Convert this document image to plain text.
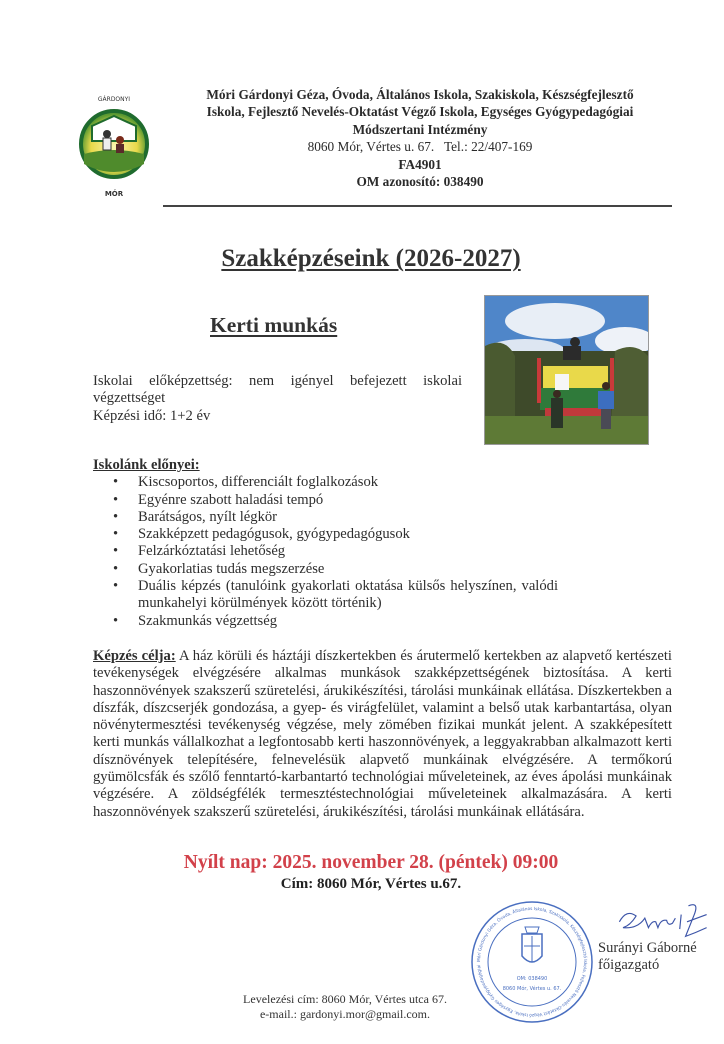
GÁRDONYI
MÓR
Móri Gárdonyi Géza, Óvoda, Általános Iskola, Szakiskola, Készségfejlesztő
Iskola, Fejlesztő Nevelés-Oktatást Végző Iskola, Egységes Gyógypedagógiai
Módszertani Intézmény
8060 Mór, Vértes u. 67.   Tel.: 22/407-169
FA4901
OM azonosító: 038490
Szakképzéseink (2026-2027)
Kerti munkás
Iskolai előképzettség: nem igényel befejezett iskolai
végzettséget
Képzési idő: 1+2 év
Iskolánk előnyei:
• Kiscsoportos, differenciált foglalkozások
• Egyénre szabott haladási tempó
• Barátságos, nyílt légkör
• Szakképzett pedagógusok, gyógypedagógusok
• Felzárkóztatási lehetőség
• Gyakorlatias tudás megszerzése
• Duális képzés (tanulóink gyakorlati oktatása külsős helyszínen, valódi munkahelyi körülmények között történik)
• Szakmunkás végzettség
Képzés célja: A ház körüli és háztáji díszkertekben és árutermelő kertekben az alapvető kertészeti tevékenységek elvégzésére alkalmas munkások szakképzettségének biztosítása. A kerti haszonnövények szakszerű szüretelési, árukikészítési, tárolási munkáinak ellátása. Díszkertekben a díszfák, díszcserjék gondozása, a gyep- és virágfelület, valamint a belső utak karbantartása, olyan növénytermesztési tevékenység végzése, mely zömében fizikai munkát jelent. A szakképesített kerti munkás vállalkozhat a legfontosabb kerti haszonnövények, a leggyakrabban alkalmazott kerti dísznövények telepítésére, felnevelésük alapvető munkáinak elvégzésére. A termőkorú gyümölcsfák és szőlő fenntartó-karbantartó technológiai műveleteinek, az éves ápolási munkáinak végzésére. A zöldségfélék termesztéstechnológiai műveleteinek alkalmazására. A kerti haszonnövények szakszerű szüretelési, árukikészítési, tárolási munkáinak ellátására.
Nyílt nap: 2025. november 28. (péntek) 09:00
Cím: 8060 Mór, Vértes u.67.
Levelezési cím: 8060 Mór, Vértes utca 67.
e-mail.: gardonyi.mor@gmail.com.
Móri Gárdonyi Géza, Óvoda, Általános Iskola, Szakiskola, Készségfejlesztő Iskola, Fejlesztő Nevelés-Oktatást Végző Iskola, Egységes Gyógypedagógiai
OM: 038490
8060 Mór, Vértes u. 67.
Surányi Gáborné
főigazgató
